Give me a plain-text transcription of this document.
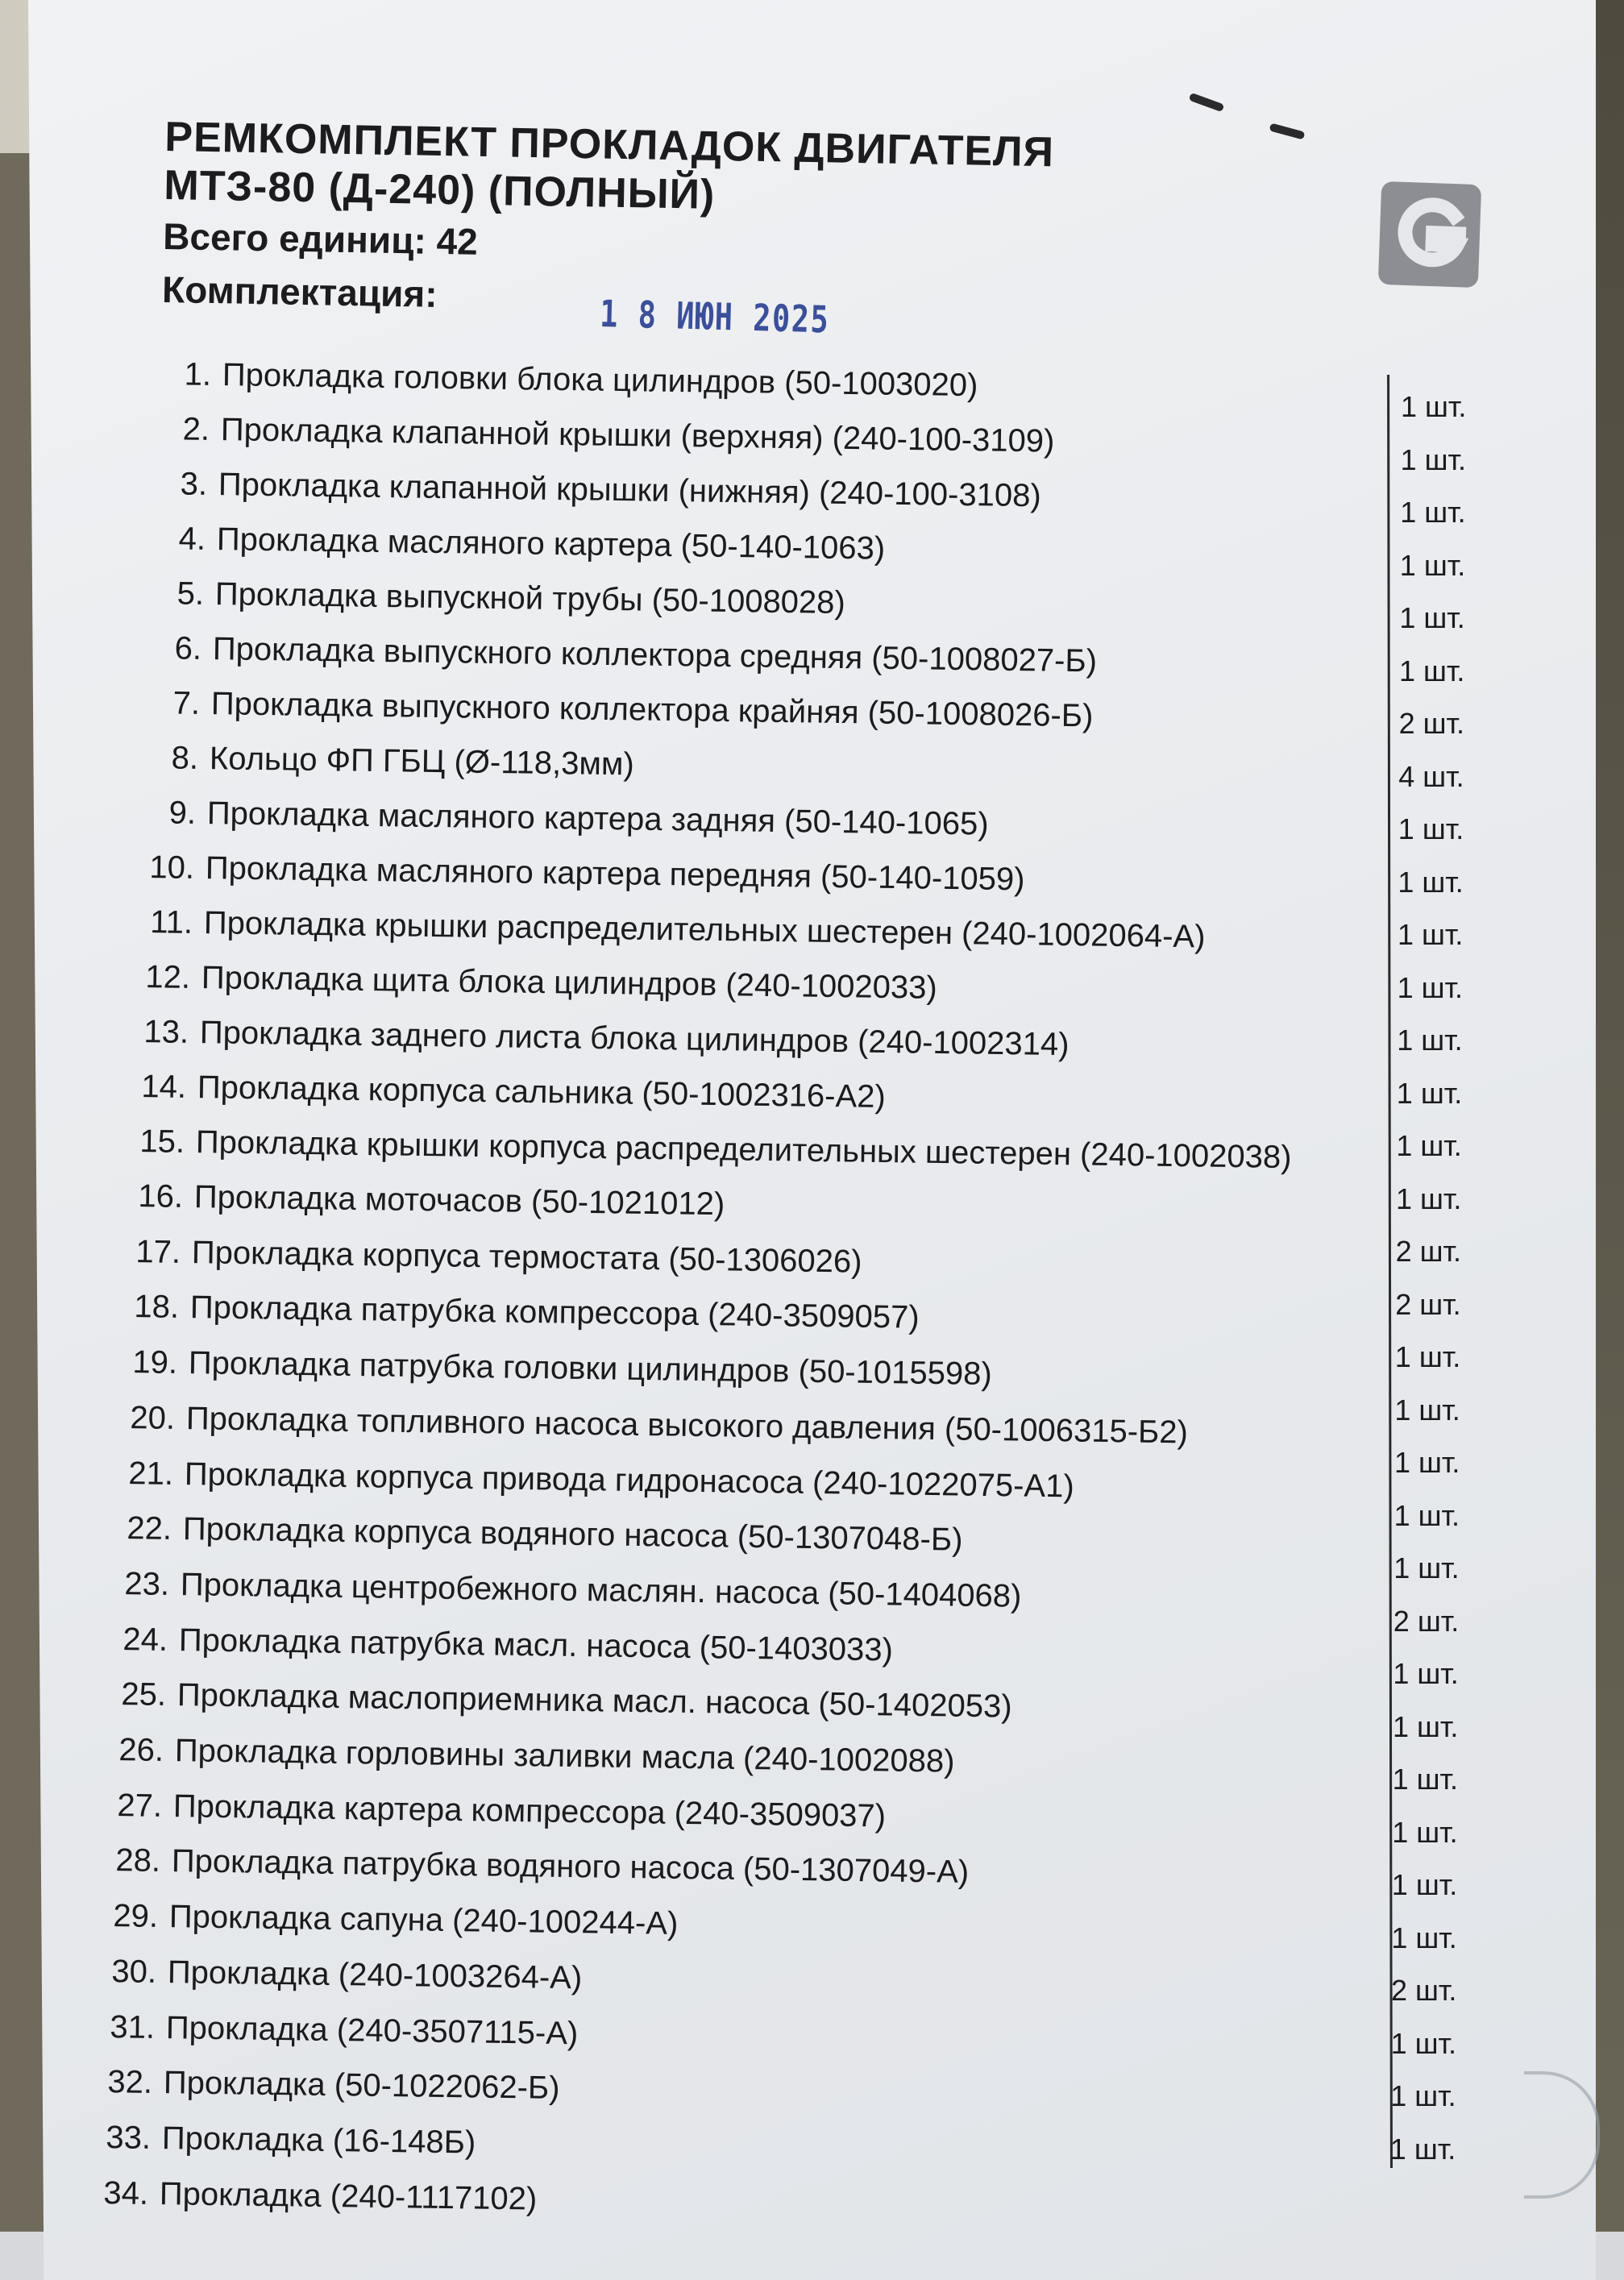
РЕМКОМПЛЕКТ ПРОКЛАДОК ДВИГАТЕЛЯ
МТЗ-80 (Д-240) (ПОЛНЫЙ)

Всего единиц: 42

Комплектация:

1 8 ИЮН 2025
1. Прокладка головки блока цилиндров (50-1003020)
2. Прокладка клапанной крышки (верхняя) (240-100-3109)
3. Прокладка клапанной крышки (нижняя) (240-100-3108)
4. Прокладка масляного картера (50-140-1063)
5. Прокладка выпускной трубы (50-1008028)
6. Прокладка выпускного коллектора средняя (50-1008027-Б)
7. Прокладка выпускного коллектора крайняя (50-1008026-Б)
8. Кольцо ФП ГБЦ (Ø-118,3мм)
9. Прокладка масляного картера задняя (50-140-1065)
10. Прокладка масляного картера передняя (50-140-1059)
11. Прокладка крышки распределительных шестерен (240-1002064-А)
12. Прокладка щита блока цилиндров (240-1002033)
13. Прокладка заднего листа блока цилиндров (240-1002314)
14. Прокладка корпуса сальника (50-1002316-А2)
15. Прокладка крышки корпуса распределительных шестерен (240-1002038)
16. Прокладка моточасов (50-1021012)
17. Прокладка корпуса термостата (50-1306026)
18. Прокладка патрубка компрессора (240-3509057)
19. Прокладка патрубка головки цилиндров (50-1015598)
20. Прокладка топливного насоса высокого давления (50-1006315-Б2)
21. Прокладка корпуса привода гидронасоса (240-1022075-А1)
22. Прокладка корпуса водяного насоса (50-1307048-Б)
23. Прокладка центробежного маслян. насоса (50-1404068)
24. Прокладка патрубка масл. насоса (50-1403033)
25. Прокладка маслоприемника масл. насоса (50-1402053)
26. Прокладка горловины заливки масла (240-1002088)
27. Прокладка картера компрессора (240-3509037)
28. Прокладка патрубка водяного насоса (50-1307049-А)
29. Прокладка сапуна (240-100244-А)
30. Прокладка (240-1003264-А)
31. Прокладка (240-3507115-А)
32. Прокладка (50-1022062-Б)
33. Прокладка (16-148Б)
34. Прокладка (240-1117102)
1 шт.
1 шт.
1 шт.
1 шт.
1 шт.
1 шт.
2 шт.
4 шт.
1 шт.
1 шт.
1 шт.
1 шт.
1 шт.
1 шт.
1 шт.
1 шт.
2 шт.
2 шт.
1 шт.
1 шт.
1 шт.
1 шт.
1 шт.
2 шт.
1 шт.
1 шт.
1 шт.
1 шт.
1 шт.
1 шт.
2 шт.
1 шт.
1 шт.
1 шт.
